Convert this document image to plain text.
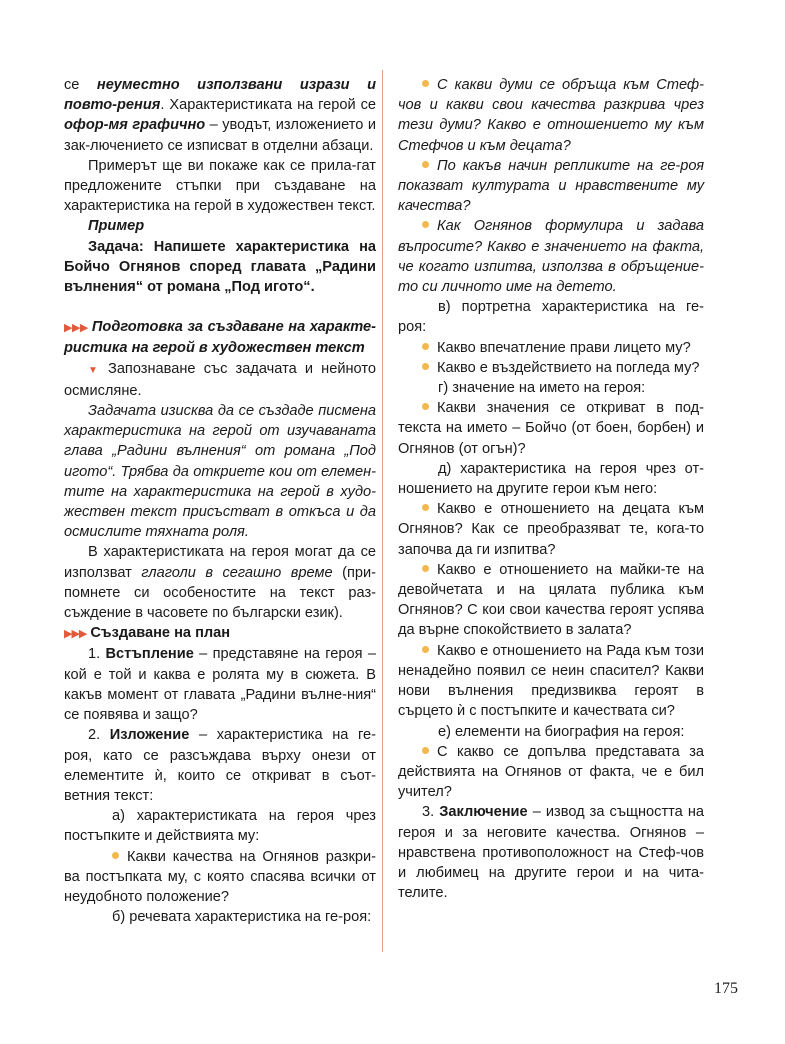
се неуместно използвани изрази и повто-рения. Характеристиката на герой се офор-мя графично – уводът, изложението и зак-лючението се изписват в отделни абзаци.

Примерът ще ви покаже как се прила-гат предложените стъпки при създаване на характеристика на герой в художествен текст.

Пример

Задача: Напишете характеристика на Бойчо Огнянов според главата „Радини вълнения“ от романа „Под игото“.

▶▶▶ Подготовка за създаване на характе-ристика на герой в художествен текст

▼ Запознаване със задачата и нейното осмисляне.

Задачата изисква да се създаде писмена характеристика на герой от изучаваната глава „Радини вълнения“ от романа „Под игото“. Трябва да откриете кои от елемен-тите на характеристика на герой в худо-жествен текст присъстват в откъса и да осмислите тяхната роля.

В характеристиката на героя могат да се използват глаголи в сегашно време (при-помнете си особеностите на текст раз-съждение в часовете по български език).

▶▶▶ Създаване на план

1. Встъпление – представяне на героя – кой е той и каква е ролята му в сюжета. В какъв момент от главата „Радини вълне-ния“ се появява и защо?

2. Изложение – характеристика на ге-роя, като се разсъждава върху онези от елементите ѝ, които се откриват в съот-ветния текст:

а) характеристиката на героя чрез постъпките и действията му:

Какви качества на Огнянов разкри-ва постъпката му, с която спасява всички от неудобното положение?

б) речевата характеристика на ге-роя:

С какви думи се обръща към Стеф-чов и какви свои качества разкрива чрез тези думи? Какво е отношението му към Стефчов и към децата?

По какъв начин репликите на ге-роя показват културата и нравствените му качества?

Как Огнянов формулира и задава въпросите? Какво е значението на факта, че когато изпитва, използва в обръщение-то си личното име на детето.

в) портретна характеристика на ге-роя:

Какво впечатление прави лицето му?

Какво е въздействието на погледа му?

г) значение на името на героя:

Какви значения се откриват в под-текста на името – Бойчо (от боен, борбен) и Огнянов (от огън)?

д) характеристика на героя чрез от-ношението на другите герои към него:

Какво е отношението на децата към Огнянов? Как се преобразяват те, кога-то започва да ги изпитва?

Какво е отношението на майки-те на девойчетата и на цялата публика към Огнянов? С кои свои качества героят успява да върне спокойствието в залата?

Какво е отношението на Рада към този ненадейно появил се неин спасител? Какви нови вълнения предизвиква героят в сърцето ѝ с постъпките и качествата си?

е) елементи на биография на героя:

С какво се допълва представата за действията на Огнянов от факта, че е бил учител?

3. Заключение – извод за същността на героя и за неговите качества. Огнянов – нравствена противоположност на Стеф-чов и любимец на другите герои и на чита-телите.

175
